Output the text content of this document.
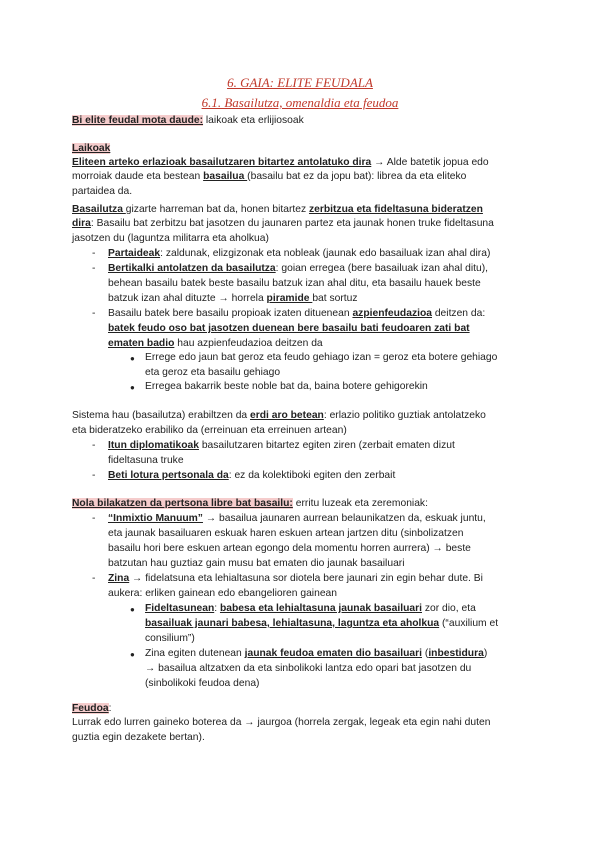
6. GAIA: ELITE FEUDALA
6.1. Basailutza, omenaldia eta feudoa
Bi elite feudal mota daude: laikoak eta erlijiosoak
Laikoak
Eliteen arteko erlazioak basailutzaren bitartez antolatuko dira → Alde batetik jopua edo
morroiak daude eta bestean basailua (basailu bat ez da jopu bat): librea da eta eliteko
partaidea da.
Basailutza gizarte harreman bat da, honen bitartez zerbitzua eta fideltasuna bideratzen
dira: Basailu bat zerbitzu bat jasotzen du jaunaren partez eta jaunak honen truke fideltasuna
jasotzen du (laguntza militarra eta aholkua)
- Partaideak: zaldunak, elizgizonak eta nobleak (jaunak edo basailuak izan ahal dira)
- Bertikalki antolatzen da basailutza: goian erregea (bere basailuak izan ahal ditu),
behean basailu batek beste basailu batzuk izan ahal ditu, eta basailu hauek beste
batzuk izan ahal dituzte → horrela piramide bat sortuz
- Basailu batek bere basailu propioak izaten dituenean azpienfeudazioa deitzen da:
batek feudo oso bat jasotzen duenean bere basailu bati feudoaren zati bat
ematen badio hau azpienfeudazioa deitzen da
● Errege edo jaun bat geroz eta feudo gehiago izan = geroz eta botere gehiago
eta geroz eta basailu gehiago
● Erregea bakarrik beste noble bat da, baina botere gehigorekin
Sistema hau (basailutza) erabiltzen da erdi aro betean: erlazio politiko guztiak antolatzeko
eta bideratzeko erabiliko da (erreinuan eta erreinuen artean)
- Itun diplomatikoak basailutzaren bitartez egiten ziren (zerbait ematen dizut
fideltasuna truke
- Beti lotura pertsonala da: ez da kolektiboki egiten den zerbait
Nola bilakatzen da pertsona libre bat basailu: erritu luzeak eta zeremoniak:
- “Inmixtio Manuum” → basailua jaunaren aurrean belaunikatzen da, eskuak juntu,
eta jaunak basailuaren eskuak haren eskuen artean jartzen ditu (sinbolizatzen
basailu hori bere eskuen artean egongo dela momentu horren aurrera) → beste
batzutan hau guztiaz gain musu bat ematen dio jaunak basailuari
- Zina → fidelatsuna eta lehialtasuna sor diotela bere jaunari zin egin behar dute. Bi
aukera: erliken gainean edo ebangelioren gainean
● Fideltasunean: babesa eta lehialtasuna jaunak basailuari zor dio, eta
basailuak jaunari babesa, lehialtasuna, laguntza eta aholkua (“auxilium et
consilium”)
● Zina egiten dutenean jaunak feudoa ematen dio basailuari (inbestidura)
→ basailua altzatxen da eta sinbolikoki lantza edo opari bat jasotzen du
(sinbolikoki feudoa dena)
Feudoa:
Lurrak edo lurren gaineko boterea da → jaurgoa (horrela zergak, legeak eta egin nahi duten
guztia egin dezakete bertan).
